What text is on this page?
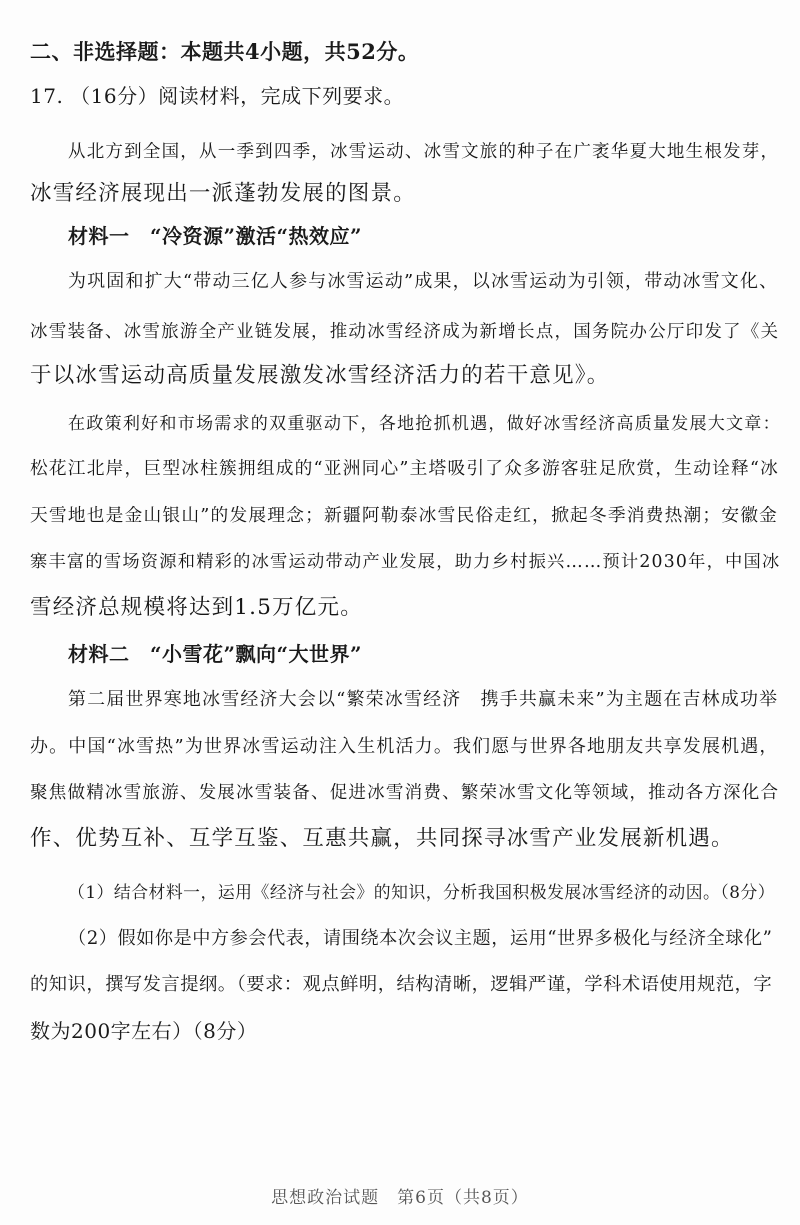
二、非选择题：本题共4小题，共52分。
17. （16分）阅读材料，完成下列要求。
从北方到全国，从一季到四季，冰雪运动、冰雪文旅的种子在广袤华夏大地生根发芽，
冰雪经济展现出一派蓬勃发展的图景。
材料一　“冷资源”激活“热效应”
为巩固和扩大“带动三亿人参与冰雪运动”成果，以冰雪运动为引领，带动冰雪文化、
冰雪装备、冰雪旅游全产业链发展，推动冰雪经济成为新增长点，国务院办公厅印发了《关
于以冰雪运动高质量发展激发冰雪经济活力的若干意见》。
在政策利好和市场需求的双重驱动下，各地抢抓机遇，做好冰雪经济高质量发展大文章：
松花江北岸，巨型冰柱簇拥组成的“亚洲同心”主塔吸引了众多游客驻足欣赏，生动诠释“冰
天雪地也是金山银山”的发展理念；新疆阿勒泰冰雪民俗走红，掀起冬季消费热潮；安徽金
寨丰富的雪场资源和精彩的冰雪运动带动产业发展，助力乡村振兴……预计2030年，中国冰
雪经济总规模将达到1.5万亿元。
材料二　“小雪花”飘向“大世界”
第二届世界寒地冰雪经济大会以“繁荣冰雪经济　携手共赢未来”为主题在吉林成功举
办。中国“冰雪热”为世界冰雪运动注入生机活力。我们愿与世界各地朋友共享发展机遇，
聚焦做精冰雪旅游、发展冰雪装备、促进冰雪消费、繁荣冰雪文化等领域，推动各方深化合
作、优势互补、互学互鉴、互惠共赢，共同探寻冰雪产业发展新机遇。
（1）结合材料一，运用《经济与社会》的知识，分析我国积极发展冰雪经济的动因。（8分）
（2）假如你是中方参会代表，请围绕本次会议主题，运用“世界多极化与经济全球化”
的知识，撰写发言提纲。（要求：观点鲜明，结构清晰，逻辑严谨，学科术语使用规范，字
数为200字左右）（8分）
思想政治试题　第6页（共8页）
